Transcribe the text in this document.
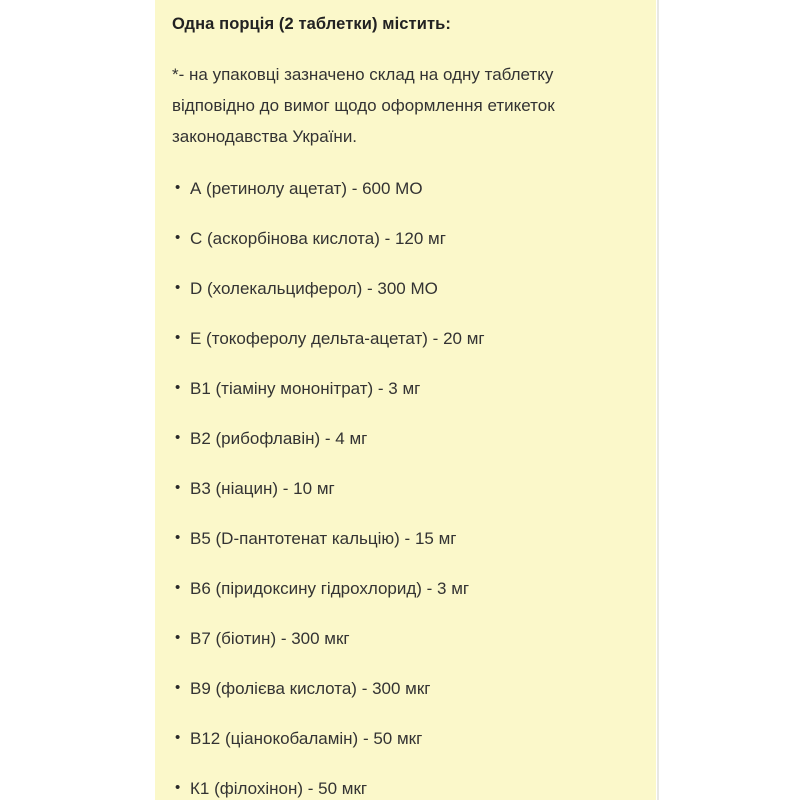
Одна порція (2 таблетки) містить:
*- на упаковці зазначено склад на одну таблетку
відповідно до вимог щодо оформлення етикеток
законодавства України.
• А (ретинолу ацетат) - 600 МО
• С (аскорбінова кислота) - 120 мг
• D (холекальциферол) - 300 МО
• Е (токоферолу дельта-ацетат) - 20 мг
• В1 (тіаміну мононітрат) - 3 мг
• В2 (рибофлавін) - 4 мг
• В3 (ніацин) - 10 мг
• В5 (D-пантотенат кальцію) - 15 мг
• В6 (піридоксину гідрохлорид) - 3 мг
• В7 (біотин) - 300 мкг
• В9 (фолієва кислота) - 300 мкг
• В12 (ціанокобаламін) - 50 мкг
• К1 (філохінон) - 50 мкг
